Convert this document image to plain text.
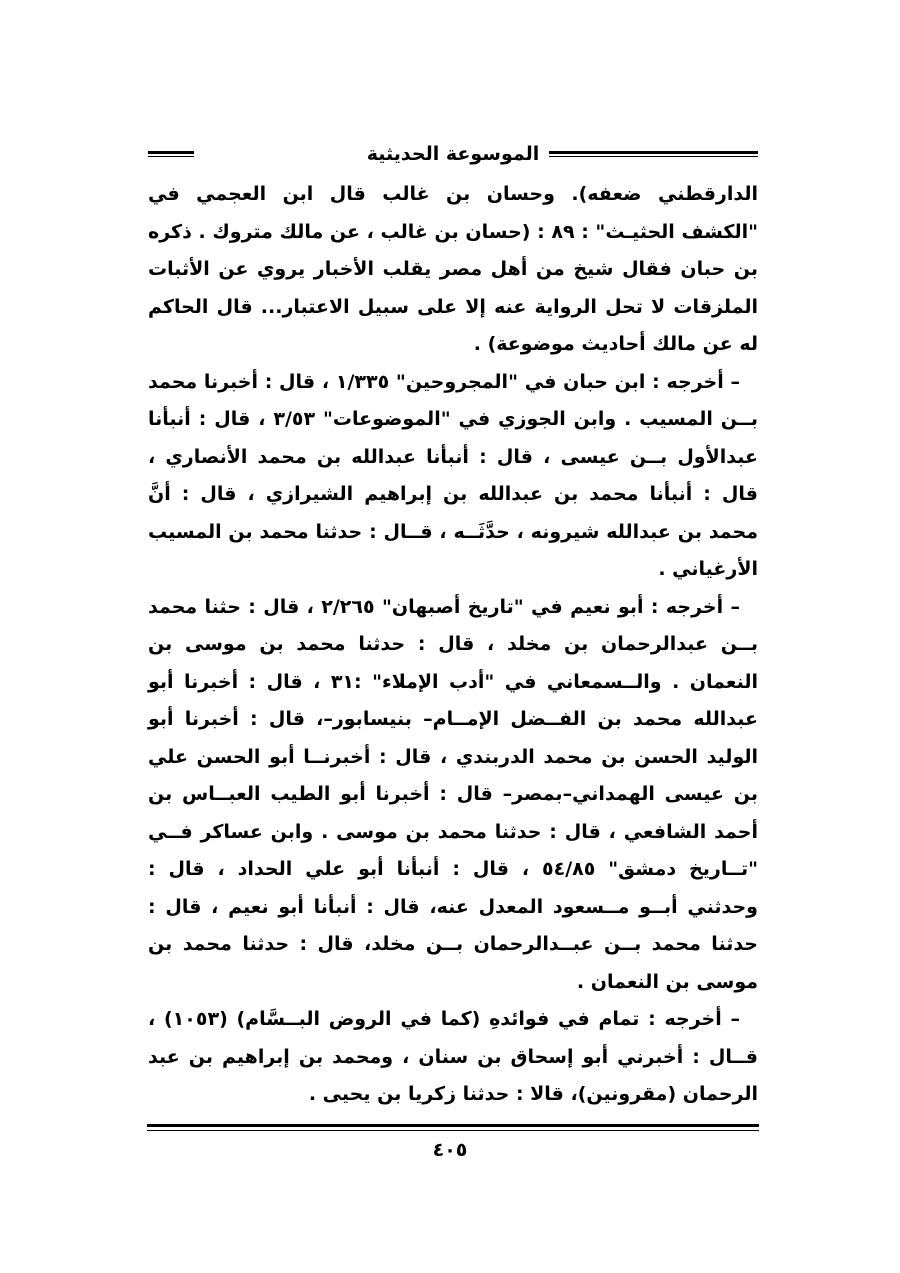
الموسوعة الحديثية

الدارقطني ضعفه). وحسان بن غالب قال ابن العجمي في "الكشف الحثيـث" : ٨٩ : (حسان بن غالب ، عن مالك متروك . ذكره بن حبان فقال شيخ من أهل مصر يقلب الأخبار يروي عن الأثبات الملزقات لا تحل الرواية عنه إلا على سبيل الاعتبار... قال الحاكم له عن مالك أحاديث موضوعة) .

– أخرجه : ابن حبان في "المجروحين" ١/٣٣٥ ، قال : أخبرنا محمد بــن المسيب . وابن الجوزي في "الموضوعات" ٣/٥٣ ، قال : أنبأنا عبدالأول بــن عيسى ، قال : أنبأنا عبدالله بن محمد الأنصاري ، قال : أنبأنا محمد بن عبدالله بن إبراهيم الشيرازي ، قال : أنَّ محمد بن عبدالله شيرونه ، حدَّثَــه ، قــال : حدثنا محمد بن المسيب الأرغياني .

– أخرجه : أبو نعيم في "تاريخ أصبهان" ٢/٢٦٥ ، قال : حثنا محمد بــن عبدالرحمان بن مخلد ، قال : حدثنا محمد بن موسى بن النعمان . والــسمعاني في "أدب الإملاء" :٣١ ، قال : أخبرنا أبو عبدالله محمد بن الفــضل الإمــام– بنيسابور–، قال : أخبرنا أبو الوليد الحسن بن محمد الدربندي ، قال : أخبرنــا أبو الحسن علي بن عيسى الهمداني–بمصر– قال : أخبرنا أبو الطيب العبــاس بن أحمد الشافعي ، قال : حدثنا محمد بن موسى . وابن عساكر فــي "تــاريخ دمشق" ٥٤/٨٥ ، قال : أنبأنا أبو علي الحداد ، قال : وحدثني أبــو مــسعود المعدل عنه، قال : أنبأنا أبو نعيم ، قال : حدثنا محمد بــن عبــدالرحمان بــن مخلد، قال : حدثنا محمد بن موسى بن النعمان .

– أخرجه : تمام في فوائدهِ (كما في الروض البــسَّام) (١٠٥٣) ، قــال : أخبرني أبو إسحاق بن سنان ، ومحمد بن إبراهيم بن عبد الرحمان (مقرونين)، قالا : حدثنا زكريا بن يحيى .

٤٠٥
